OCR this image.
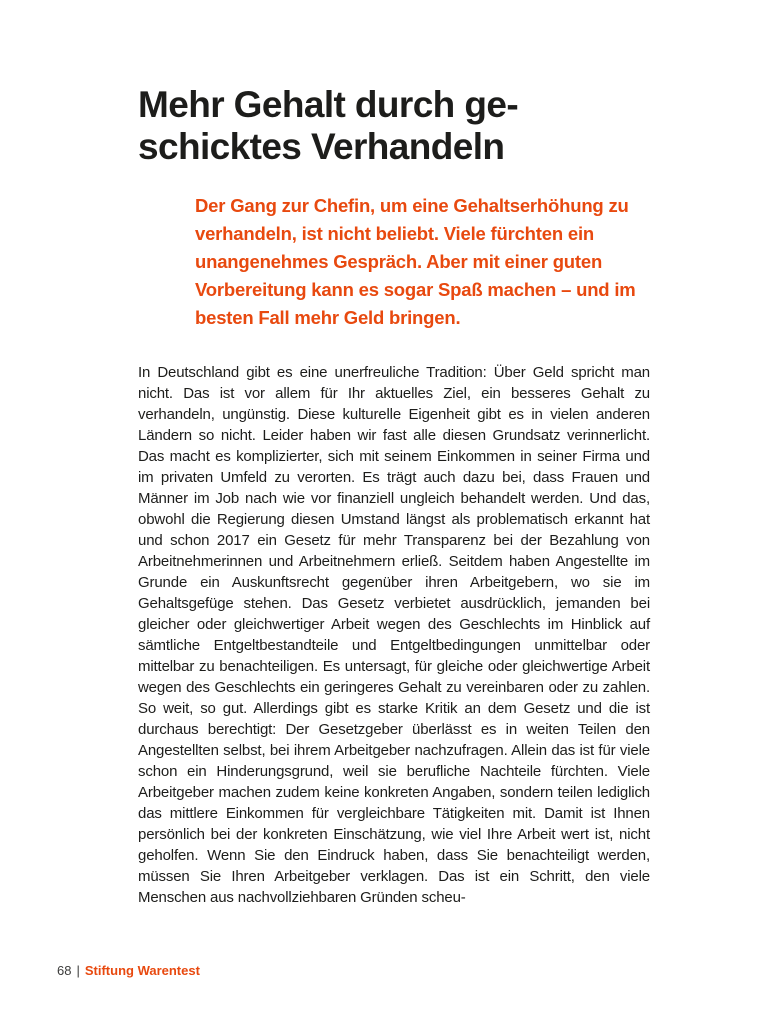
Mehr Gehalt durch ge-
schicktes Verhandeln

Der Gang zur Chefin, um eine Gehaltserhöhung zu verhandeln, ist nicht beliebt. Viele fürchten ein unangenehmes Gespräch. Aber mit einer guten Vorbereitung kann es sogar Spaß machen – und im besten Fall mehr Geld bringen.

In Deutschland gibt es eine unerfreuliche Tradition: Über Geld spricht man nicht. Das ist vor allem für Ihr aktuelles Ziel, ein besseres Gehalt zu verhandeln, ungünstig. Diese kulturelle Eigenheit gibt es in vielen anderen Ländern so nicht. Leider haben wir fast alle diesen Grundsatz verinnerlicht. Das macht es komplizierter, sich mit seinem Einkommen in seiner Firma und im privaten Umfeld zu verorten. Es trägt auch dazu bei, dass Frauen und Männer im Job nach wie vor finanziell ungleich behandelt werden. Und das, obwohl die Regierung diesen Umstand längst als problematisch erkannt hat und schon 2017 ein Gesetz für mehr Transparenz bei der Bezahlung von Arbeitnehmerinnen und Arbeitnehmern erließ. Seitdem haben Angestellte im Grunde ein Auskunftsrecht gegenüber ihren Arbeitgebern, wo sie im Gehaltsgefüge stehen. Das Gesetz verbietet ausdrücklich, jemanden bei gleicher oder gleichwertiger Arbeit wegen des Geschlechts im Hinblick auf sämtliche Entgeltbestandteile und Entgeltbedingungen unmittelbar oder mittelbar zu benachteiligen. Es untersagt, für gleiche oder gleichwertige Arbeit wegen des Geschlechts ein geringeres Gehalt zu vereinbaren oder zu zahlen. So weit, so gut. Allerdings gibt es starke Kritik an dem Gesetz und die ist durchaus berechtigt: Der Gesetzgeber überlässt es in weiten Teilen den Angestellten selbst, bei ihrem Arbeitgeber nachzufragen. Allein das ist für viele schon ein Hinderungsgrund, weil sie berufliche Nachteile fürchten. Viele Arbeitgeber machen zudem keine konkreten Angaben, sondern teilen lediglich das mittlere Einkommen für vergleichbare Tätigkeiten mit. Damit ist Ihnen persönlich bei der konkreten Einschätzung, wie viel Ihre Arbeit wert ist, nicht geholfen. Wenn Sie den Eindruck haben, dass Sie benachteiligt werden, müssen Sie Ihren Arbeitgeber verklagen. Das ist ein Schritt, den viele Menschen aus nachvollziehbaren Gründen scheu-

68 | Stiftung Warentest
